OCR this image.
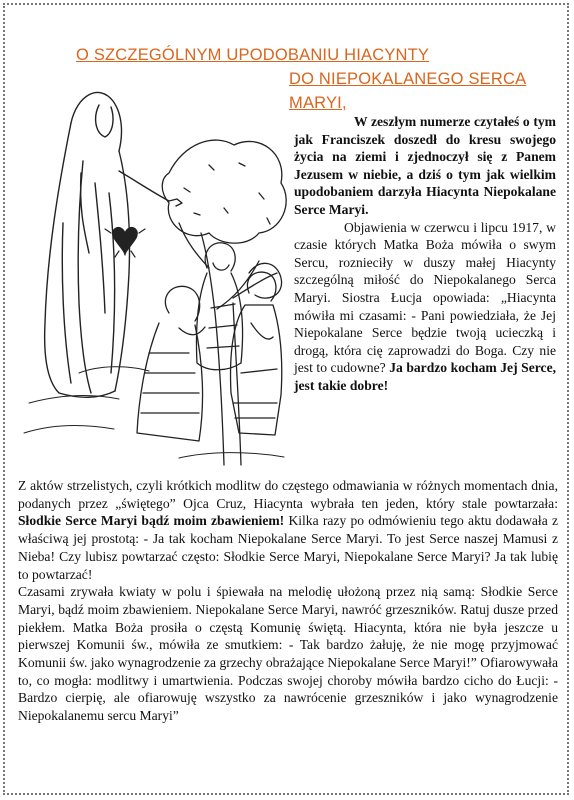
O SZCZEGÓLNYM UPODOBANIU HIACYNTY
DO NIEPOKALANEGO SERCA
MARYI,

W zeszłym numerze czytałeś o tym jak Franciszek doszedł do kresu swojego życia na ziemi i zjednoczył się z Panem Jezusem w niebie, a dziś o tym jak wielkim upodobaniem darzyła Hiacynta Niepokalane Serce Maryi.

Objawienia w czerwcu i lipcu 1917, w czasie których Matka Boża mówiła o swym Sercu, roznieciły w duszy małej Hiacynty szczególną miłość do Niepokalanego Serca Maryi. Siostra Łucja opowiada: „Hiacynta mówiła mi czasami: - Pani powiedziała, że Jej Niepokalane Serce będzie twoją ucieczką i drogą, która cię zaprowadzi do Boga. Czy nie jest to cudowne? Ja bardzo kocham Jej Serce, jest takie dobre!

Z aktów strzelistych, czyli krótkich modlitw do częstego odmawiania w różnych momentach dnia, podanych przez „świętego” Ojca Cruz, Hiacynta wybrała ten jeden, który stale powtarzała: Słodkie Serce Maryi bądź moim zbawieniem! Kilka razy po odmówieniu tego aktu dodawała z właściwą jej prostotą: - Ja tak kocham Niepokalane Serce Maryi. To jest Serce naszej Mamusi z Nieba! Czy lubisz powtarzać często: Słodkie Serce Maryi, Niepokalane Serce Maryi? Ja tak lubię to powtarzać!

Czasami zrywała kwiaty w polu i śpiewała na melodię ułożoną przez nią samą: Słodkie Serce Maryi, bądź moim zbawieniem. Niepokalane Serce Maryi, nawróć grzeszników. Ratuj dusze przed piekłem. Matka Boża prosiła o częstą Komunię świętą. Hiacynta, która nie była jeszcze u pierwszej Komunii św., mówiła ze smutkiem: - Tak bardzo żałuję, że nie mogę przyjmować Komunii św. jako wynagrodzenie za grzechy obrażające Niepokalane Serce Maryi!” Ofiarowywała to, co mogła: modlitwy i umartwienia. Podczas swojej choroby mówiła bardzo cicho do Łucji: - Bardzo cierpię, ale ofiarowuję wszystko za nawrócenie grzeszników i jako wynagrodzenie Niepokalanemu sercu Maryi”
